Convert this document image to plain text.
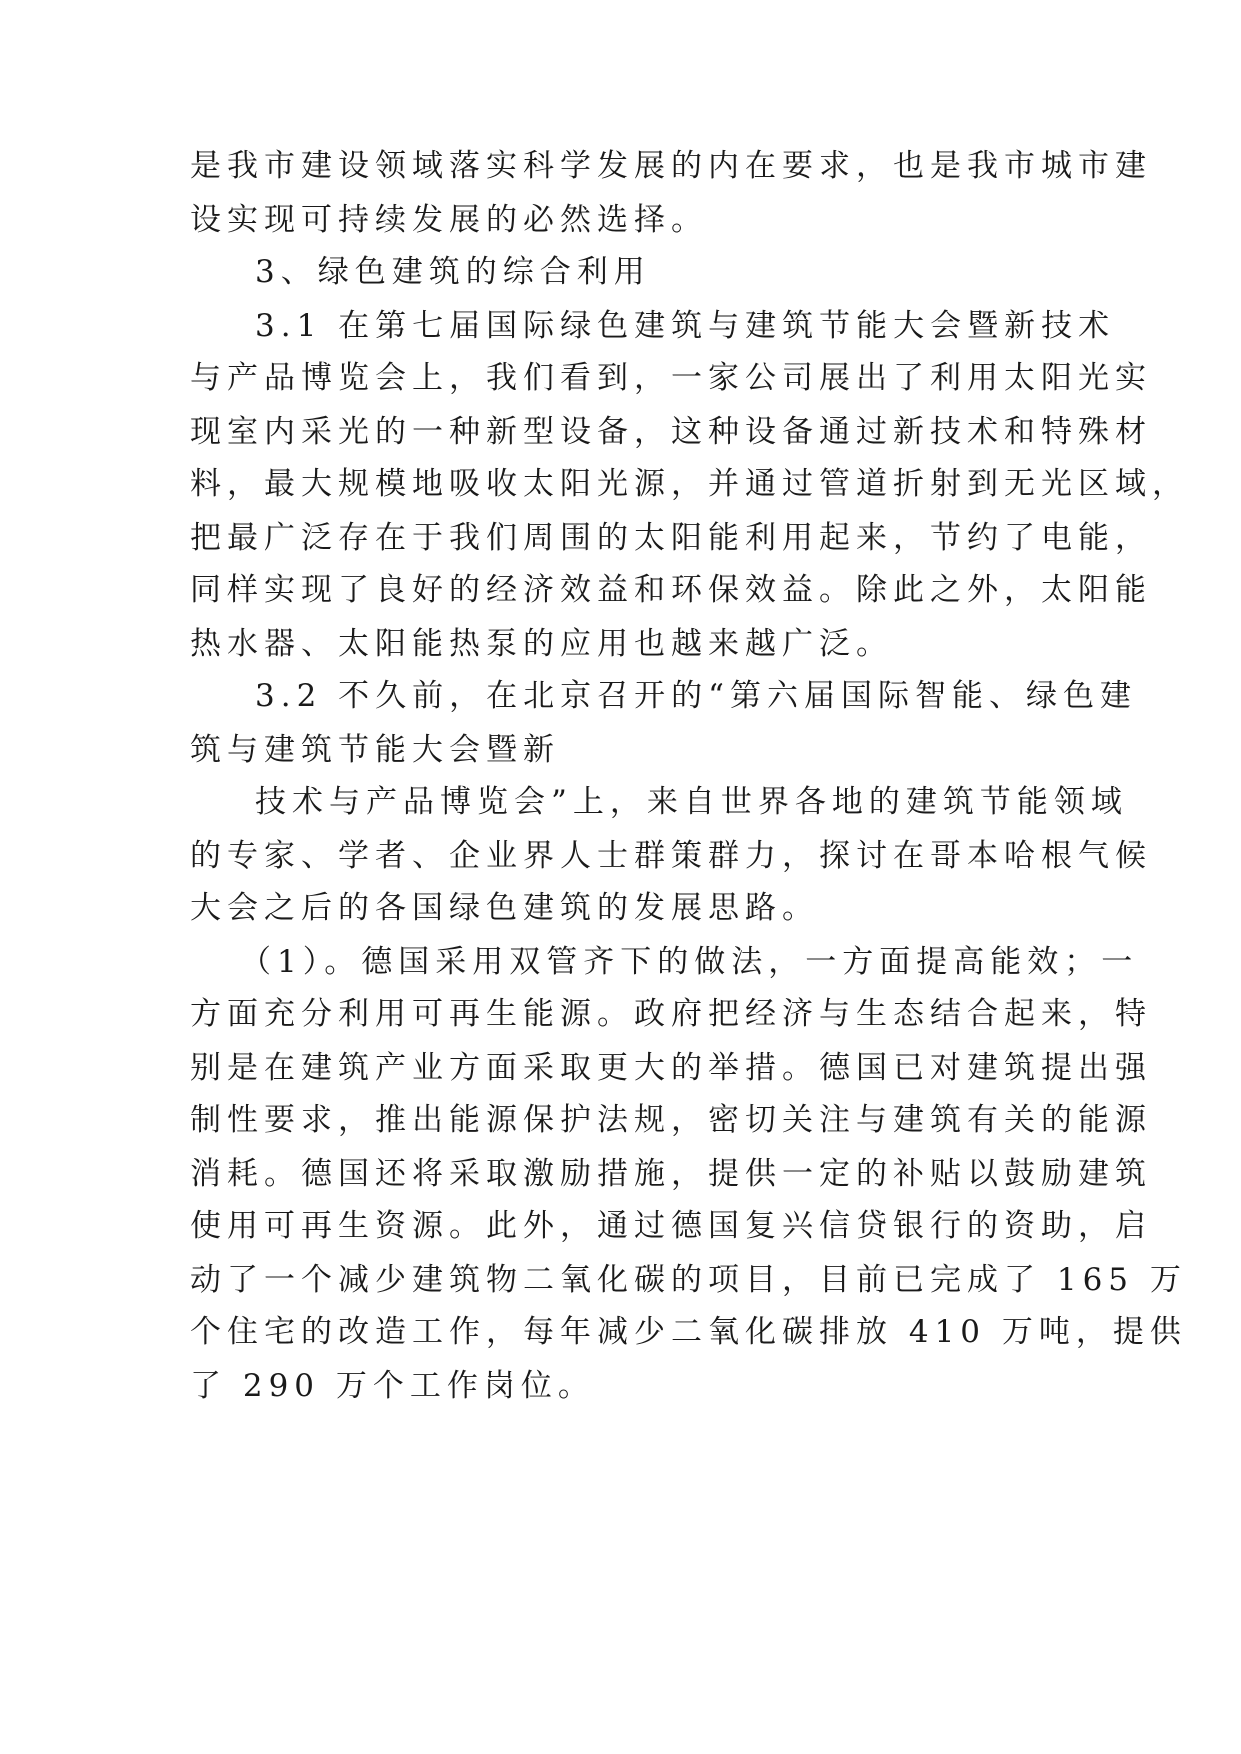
是我市建设领域落实科学发展的内在要求，也是我市城市建
设实现可持续发展的必然选择。
3、绿色建筑的综合利用
3.1 在第七届国际绿色建筑与建筑节能大会暨新技术
与产品博览会上，我们看到，一家公司展出了利用太阳光实
现室内采光的一种新型设备，这种设备通过新技术和特殊材
料，最大规模地吸收太阳光源，并通过管道折射到无光区域，
把最广泛存在于我们周围的太阳能利用起来，节约了电能，
同样实现了良好的经济效益和环保效益。除此之外，太阳能
热水器、太阳能热泵的应用也越来越广泛。
3.2 不久前，在北京召开的“第六届国际智能、绿色建
筑与建筑节能大会暨新
技术与产品博览会”上，来自世界各地的建筑节能领域
的专家、学者、企业界人士群策群力，探讨在哥本哈根气候
大会之后的各国绿色建筑的发展思路。
（1）。德国采用双管齐下的做法，一方面提高能效；一
方面充分利用可再生能源。政府把经济与生态结合起来，特
别是在建筑产业方面采取更大的举措。德国已对建筑提出强
制性要求，推出能源保护法规，密切关注与建筑有关的能源
消耗。德国还将采取激励措施，提供一定的补贴以鼓励建筑
使用可再生资源。此外，通过德国复兴信贷银行的资助，启
动了一个减少建筑物二氧化碳的项目，目前已完成了 165 万
个住宅的改造工作，每年减少二氧化碳排放 410 万吨，提供
了 290 万个工作岗位。
